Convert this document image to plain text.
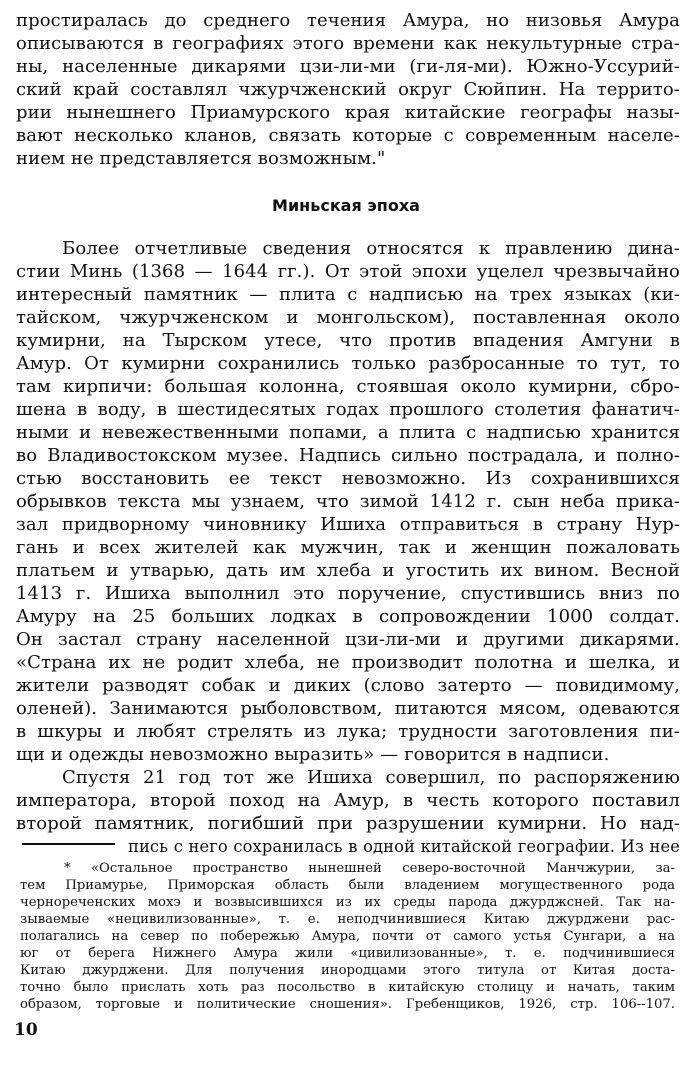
простиралась до среднего течения Амура, но низовья Амура
описываются в географиях этого времени как некультурные стра-
ны, населенные дикарями цзи-ли-ми (ги-ля-ми). Южно-Уссурий-
ский край составлял чжурчженский округ Сюйпин. На террито-
рии нынешнего Приамурского края китайские географы назы-
вают несколько кланов, связать которые с современным населе-
нием не представляется возможным."
Миньская эпоха
Более отчетливые сведения относятся к правлению дина-
стии Минь (1368 — 1644 гг.). От этой эпохи уцелел чрезвычайно
интересный памятник — плита с надписью на трех языках (ки-
тайском, чжурчженском и монгольском), поставленная около
кумирни, на Тырском утесе, что против впадения Амгуни в
Амур. От кумирни сохранились только разбросанные то тут, то
там кирпичи: большая колонна, стоявшая около кумирни, сбро-
шена в воду, в шестидесятых годах прошлого столетия фанатич-
ными и невежественными попами, а плита с надписью хранится
во Владивостокском музее. Надпись сильно пострадала, и полно-
стью восстановить ее текст невозможно. Из сохранившихся
обрывков текста мы узнаем, что зимой 1412 г. сын неба прика-
зал придворному чиновнику Ишиха отправиться в страну Нур-
гань и всех жителей как мужчин, так и женщин пожаловать
платьем и утварью, дать им хлеба и угостить их вином. Весной
1413 г. Ишиха выполнил это поручение, спустившись вниз по
Амуру на 25 больших лодках в сопровождении 1000 солдат.
Он застал страну населенной цзи-ли-ми и другими дикарями.
«Страна их не родит хлеба, не производит полотна и шелка, и
жители разводят собак и диких (слово затерто — повидимому,
оленей). Занимаются рыболовством, питаются мясом, одеваются
в шкуры и любят стрелять из лука; трудности заготовления пи-
щи и одежды невозможно выразить» — говорится в надписи.
Спустя 21 год тот же Ишиха совершил, по распоряжению
императора, второй поход на Амур, в честь которого поставил
второй памятник, погибший при разрушении кумирни. Но над-
пись с него сохранилась в одной китайской географии. Из нее
* «Остальное пространство нынешней северо-восточной Манчжурии, за-
тем Приамурье, Приморская область были владением могущественного рода
чернореченских мохэ и возвысившихся из их среды парода джурджсней. Так на-
зываемые «нецивилизованные», т. е. неподчинившиеся Китаю джурджени рас-
полагались на север по побережью Амура, почти от самого устья Сунгари, а на
юг от берега Нижнего Амура жили «цивилизованные», т. е. подчинившиеся
Китаю джурджени. Для получения инородцами этого титула от Китая доста-
точно было прислать хоть раз посольство в китайскую столицу и начать, таким
образом, торговые и политические сношения». Гребенщиков, 1926, стр. 106--107.
10
